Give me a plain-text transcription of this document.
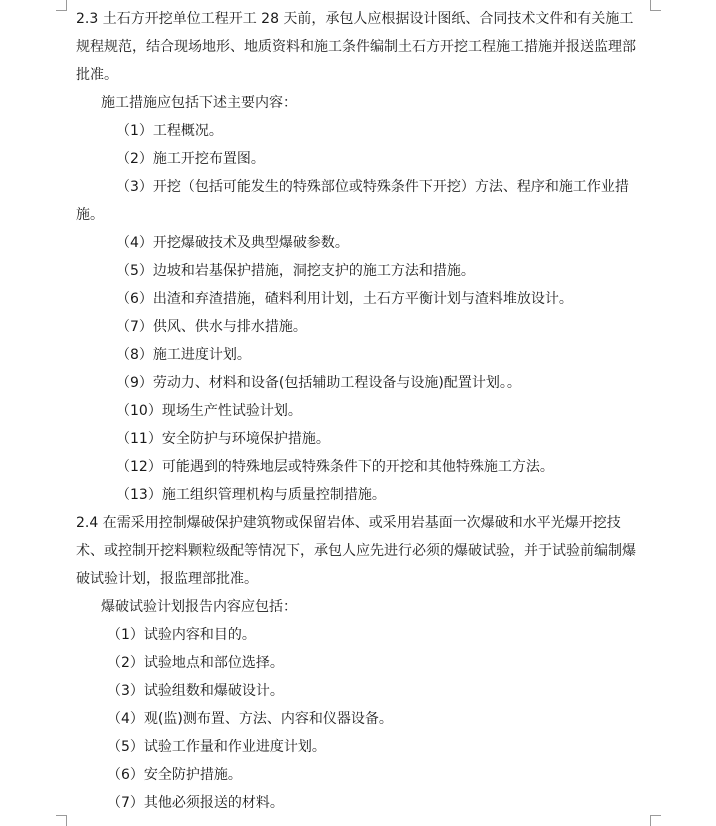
2.3 土石方开挖单位工程开工 28 天前，承包人应根据设计图纸、合同技术文件和有关施工规程规范，结合现场地形、地质资料和施工条件编制土石方开挖工程施工措施并报送监理部批准。

施工措施应包括下述主要内容：

（1）工程概况。

（2）施工开挖布置图。

（3）开挖（包括可能发生的特殊部位或特殊条件下开挖）方法、程序和施工作业措施。

（4）开挖爆破技术及典型爆破参数。

（5）边坡和岩基保护措施，洞挖支护的施工方法和措施。

（6）出渣和弃渣措施，碴料利用计划，土石方平衡计划与渣料堆放设计。

（7）供风、供水与排水措施。

（8）施工进度计划。

（9）劳动力、材料和设备(包括辅助工程设备与设施)配置计划。。

（10）现场生产性试验计划。

（11）安全防护与环境保护措施。

（12）可能遇到的特殊地层或特殊条件下的开挖和其他特殊施工方法。

（13）施工组织管理机构与质量控制措施。

2.4 在需采用控制爆破保护建筑物或保留岩体、或采用岩基面一次爆破和水平光爆开挖技术、或控制开挖料颗粒级配等情况下，承包人应先进行必须的爆破试验，并于试验前编制爆破试验计划，报监理部批准。

爆破试验计划报告内容应包括：

（1）试验内容和目的。

（2）试验地点和部位选择。

（3）试验组数和爆破设计。

（4）观(监)测布置、方法、内容和仪器设备。

（5）试验工作量和作业进度计划。

（6）安全防护措施。

（7）其他必须报送的材料。
